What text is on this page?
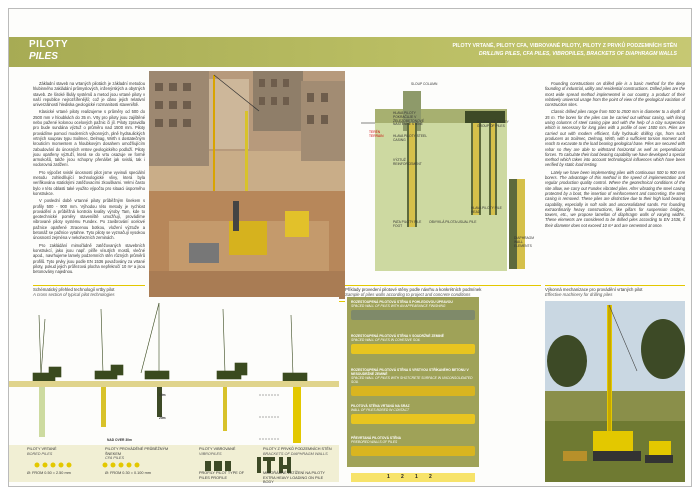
PILOTY
PILES
PILOTY VRTANÉ, PILOTY CFA, VIBROVANÉ PILOTY, PILOTY Z PRVKŮ PODZEMNÍCH STĚN
DRILLING PILES, CFA PILES, VIBROPILES, BRACKETS OF DIAPHRAGM WALLS

Základní staveb na vrtaných pilotách je základní metodou hlubinného zakládání průmyslových, inženýrských a obytných staveb. Ze široké škály systémů a metod jsou vrtané piloty v naší republice nejrozšířenější; což je dáno jejich relativní univerzálností hlediska geologické rozmanitosti staveniště.

Klasické vrtané piloty realizujeme s průměry od 500 do 2500 mm v hloubkách do 35 m. Vrty pro piloty jsou zajištěné nebo pažené kolonou ocelových pažnic či jíl. Piloty zpravidla pro bude sundána výztuž o průměru nad 1500 mm. Piloty provádíme pomocí moderních výkonných, plně hydraulických vrtných souprav typu Soilmec, Delmag, Wirth s dostatečným krouticím momentem a hloubkovým dosahem umožňujícím zabudování do únosných vrstev geologického podloží. Piloty jsou opatřeny výztuží, která se do vrtu osazuje ve formě armokošů, takže jsou schopny přenášet jak svislá, tak i vodorovná zatížení.

Pro výpočet svislé únosnosti pilot jsme vyvinuli speciální metodu zohledňující technologické vlivy, která byla verifikována statickými zatěžovacími zkouškami. Velmi často bylo v této oblasti také využito výpočtu pro situaci úsporného konstrukce.

V poslední době vrtanné piloty průběžným šnekem s profily 500 - 900 mm. Výhodou této metody je rychlost provádění a průběžná kontrola kvality výroby Tam, kde to geotechnické poměry staveniště umožňují, provádíme vibrované piloty systému Fundex. Po zavibrování ocelové pažnice opatřené ztracenou botkou, vložení výztuže a betonáž se pažnice vytahne. Tyto piloty se vyznačují vysokou únosností zejména v nekohezních zeminách.

Pro zakládání mimořádně zatěžovaných stavebních konstrukcí, jako jsou např. pilíře vísutých mostů, vlečné apod., navrhujeme lamely podzemních stěn různých průměrů profilů. Tyto prvky jsou podle EN 1536 považovány za vrtané piloty, pokud jejich průřezová plocha nepřekročí 10 m² a jsou betonovány najednou.

TERÉN TERRAIN
SLOUP COLUMN
HLAVA PILOTY POKRAČUJE V ŽELEZOBETONOVÉ NÁSTĚNNÉ STĚNĚ
HLAVA PILOTY STEEL CASING
SKUPINOVÉ PILOTY GROUP OF PILES
VÝZTUŽ REINFORCEMENT
PATA PILOTY PILE FOOT
OBVYKLÁ PILOTA USUAL PILE
DIAPHRAGM WALL ELEMENTS
HLAVA PILOTY PILE HEAD

Founding constructions on drilled pile is a basic method for the deep founding of industrial, utility and residential constructions. Drilled piles are the most wide spread method implemented in our country, a product of their relatively universal usage from the point of view of the geological variation of construction sites.

Classic drilled piles range from 500 to 2500 mm in diameter to a depth of 35 m. The bores for the piles can be carried out without casing, with lining using columns of steel casing pipe and with the help of a clay suspension which is necessary for long piles with a profile of over 1500 mm. Piles are carried out with modern efficient, fully hydraulic drilling rigs, from such producers as Soilmec, Delmag, Wirth, with a sufficient torsion moment and reach to excavate to the load bearing geological base. Piles are secured with rebar so they are able to withstand horizontal as well as perpendicular forces. To calculate their load bearing capability we have developed a special method which takes into account technological influences which have been verified by static load testing.

Lately we have been implementing piles with continuous 500 to 900 mm borers. The advantage of this method is the speed of implementation and regular production quality control. Where the geotechnical conditions of the site allow, we carry out Fundex vibrated piles. After vibrating the steel casing protected by a boot, the insertion of reinforcement and concreting, the steel casing is removed. These piles are distinctive due to their high load bearing capability, especially in soft soils and unconsolidated sands. For founding extraordinarily heavy constructions, like pillars for suspension bridges, towers, etc., we propose lamellas of diaphragm walls of varying widths. These elements are considered to be drilled piles according to EN 1536, if their diameter does not exceed 10 m² and are cemented at once.

Schématický přehled technologií vrtby pilot
A cross section of typical pilot technologies
Příklady provedení pilotové stěny podle návrhu a konkrétních podmínek
Sample of piles walls according to project and concrete conditions
Výkonná mechanizace pro provádění vrtaných pilot
Effective machinery for drilling piles
10m
20m
NAD OVER 30m
PILOTY VRTANÉ
BORED PILES
Ø: FROM 0.50 = 2.50 mm
PILOTY PROVÁDĚNÉ PRŮBĚŽNÝM ŠNEKEM
CFA PILES
Ø: FROM 0.30 = 0.100 mm
PILOTY VIBROVANÉ
VIBROPILES
PROFILY PILOT TYPE OF PILES PROFILE
PILOTY Z PRVKŮ PODZEMNÍCH STĚN
BRACKETS OF DIAPHRAGM WALLS
MIMOŘÁDNÉ ZATÍŽENÍ NA PILOTY EXTRA HEAVY LOADING ON PILE BODY
ROZESTOUPENÁ PILOTOVÁ STĚNA S POHLEDOVOU ÚPRAVOU
SPACED WALL OF PILES WITH AN APPEARANCE FINISHING
ROZESTOUPENÁ PILOTOVÁ STĚNA V SOUDRŽNÉ ZEMINĚ
SPACED WALL OF PILES IN COHESIVE SOIL
ROZESTOUPENÁ PILOTOVÁ STĚNA S VRSTVOU STŘÍKANÉHO BETONU V NESOUDRŽNÉ ZEMINĚ
SPACED WALL OF PILES WITH SHOTCRETE SURFACE IN UNCONSOLIDATED SOIL
PILOTOVÁ STĚNA VRTANÁ NA SRAZ
WALL OF PILES BORED IN CONTACT
PŘEVRTANÁ PILOTOVÁ STĚNA
PREBORED WALLS OF PILES
1 2 1 2
